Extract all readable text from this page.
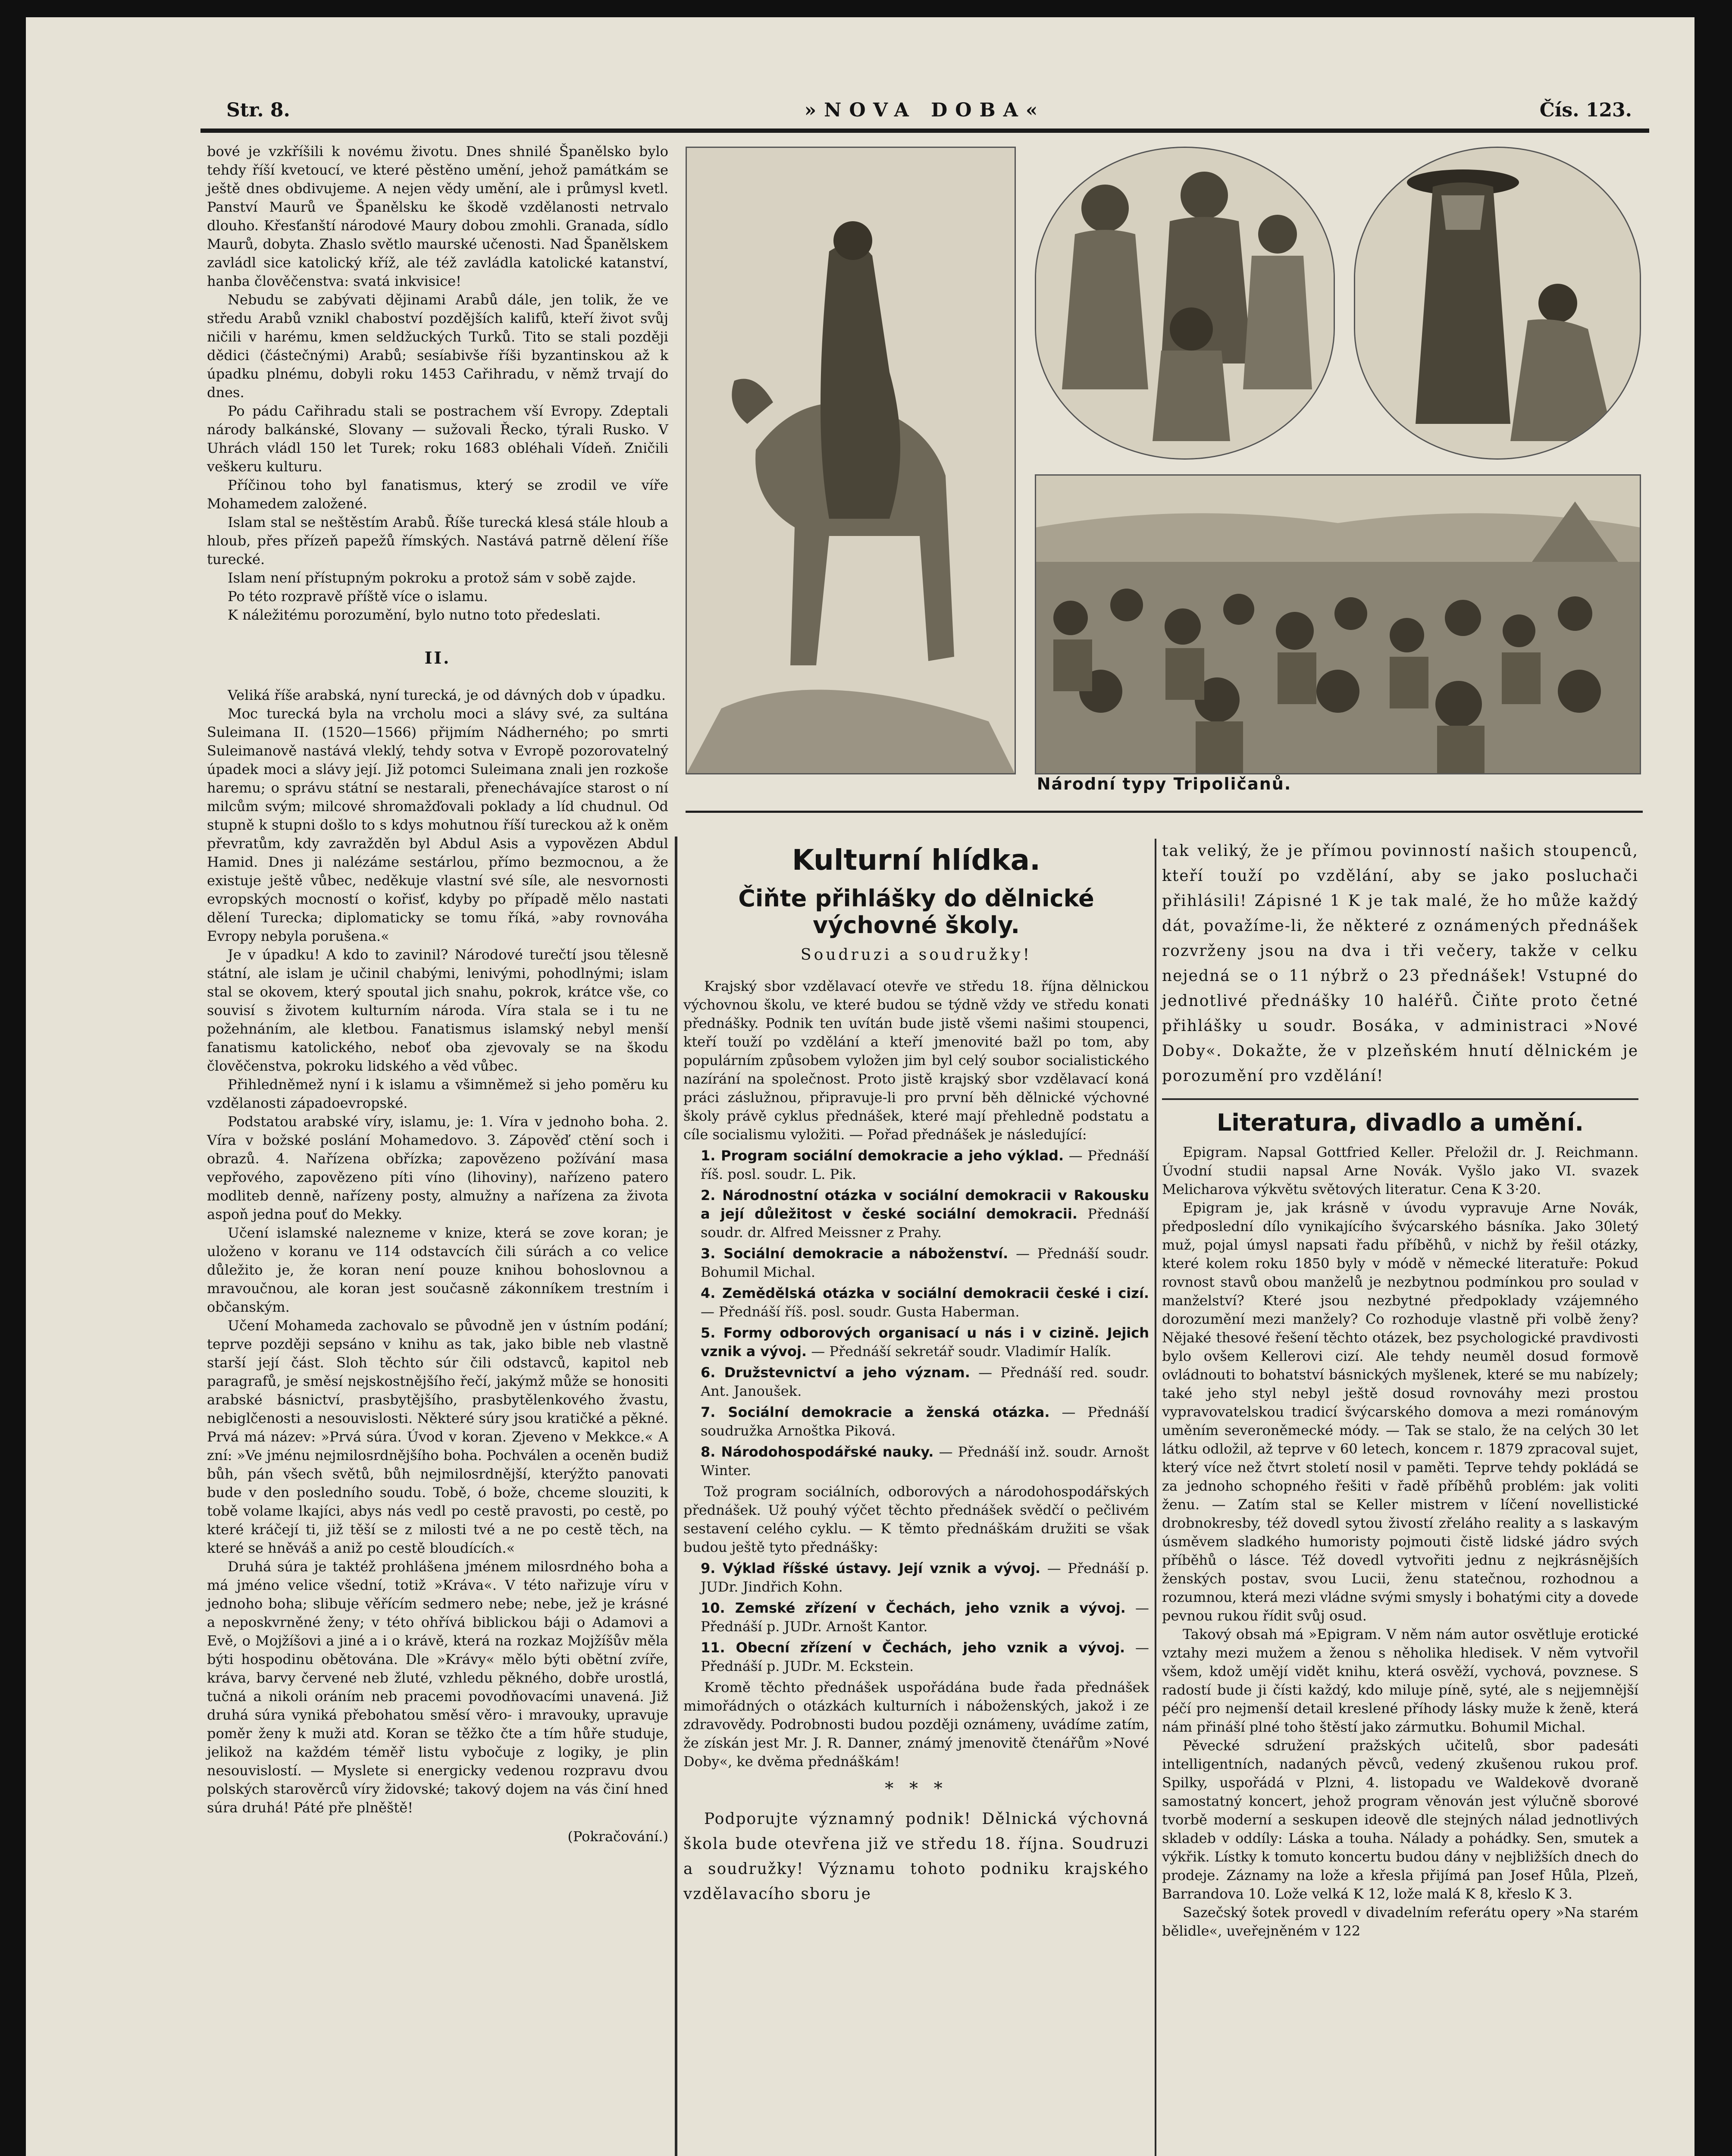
Str. 8.	»NOVA DOBA«	Čís. 123.

bové je vzkříšili k novému životu. Dnes shnilé Španělsko bylo tehdy říší kvetoucí, ve které pěstěno umění, jehož památkám se ještě dnes obdivujeme. A nejen vědy umění, ale i průmysl kvetl. Panství Maurů ve Španělsku ke škodě vzdělanosti netrvalo dlouho. Křesťanští národové Maury dobou zmohli. Granada, sídlo Maurů, dobyta. Zhaslo světlo maurské učenosti. Nad Španělskem zavládl sice katolický kříž, ale též zavládla katolické katanství, hanba člověčenstva: svatá inkvisice!

Nebudu se zabývati dějinami Arabů dále, jen tolik, že ve středu Arabů vznikl chaboství pozdějších kalifů, kteří život svůj ničili v harému, kmen seldžuckých Turků. Tito se stali později dědici (částečnými) Arabů; sesíabivše říši byzantinskou až k úpadku plnému, dobyli roku 1453 Cařihradu, v němž trvají do dnes.

Po pádu Cařihradu stali se postrachem vší Evropy. Zdeptali národy balkánské, Slovany — sužovali Řecko, týrali Rusko. V Uhrách vládl 150 let Turek; roku 1683 obléhali Vídeň. Zničili veškeru kulturu.

Příčinou toho byl fanatismus, který se zrodil ve víře Mohamedem založené.

Islam stal se neštěstím Arabů. Říše turecká klesá stále hloub a hloub, přes přízeň papežů římských. Nastává patrně dělení říše turecké.

Islam není přístupným pokroku a protož sám v sobě zajde.

Po této rozpravě příště více o islamu.

K náležitému porozumění, bylo nutno toto předeslati.

II.

Veliká říše arabská, nyní turecká, je od dávných dob v úpadku.

Moc turecká byla na vrcholu moci a slávy své, za sultána Suleimana II. (1520—1566) přijmím Nádherného; po smrti Suleimanově nastává vleklý, tehdy sotva v Evropě pozorovatelný úpadek moci a slávy její. Již potomci Suleimana znali jen rozkoše haremu; o správu státní se nestarali, přenechávajíce starost o ní milcům svým; milcové shromažďovali poklady a líd chudnul. Od stupně k stupni došlo to s kdys mohutnou říší tureckou až k oněm převratům, kdy zavražděn byl Abdul Asis a vypovězen Abdul Hamid. Dnes ji nalézáme sestárlou, přímo bezmocnou, a že existuje ještě vůbec, neděkuje vlastní své síle, ale nesvornosti evropských mocností o kořisť, kdyby po případě mělo nastati dělení Turecka; diplomaticky se tomu říká, »aby rovnováha Evropy nebyla porušena.«

Je v úpadku! A kdo to zavinil? Národové turečtí jsou tělesně státní, ale islam je učinil chabými, lenivými, pohodlnými; islam stal se okovem, který spoutal jich snahu, pokrok, krátce vše, co souvisí s životem kulturním národa. Víra stala se i tu ne požehnáním, ale kletbou. Fanatismus islamský nebyl menší fanatismu katolického, neboť oba zjevovaly se na škodu člověčenstva, pokroku lidského a věd vůbec.

Přihledněmež nyní i k islamu a všimněmež si jeho poměru ku vzdělanosti západoevropské.

Podstatou arabské víry, islamu, je: 1. Víra v jednoho boha. 2. Víra v božské poslání Mohamedovo. 3. Zápověď ctění soch i obrazů. 4. Nařízena obřízka; zapovězeno požívání masa vepřového, zapovězeno píti víno (lihoviny), nařízeno patero modliteb denně, nařízeny posty, almužny a nařízena za života aspoň jedna pouť do Mekky.

Učení islamské nalezneme v knize, která se zove koran; je uloženo v koranu ve 114 odstavcích čili súrách a co velice důležito je, že koran není pouze knihou bohoslovnou a mravoučnou, ale koran jest současně zákonníkem trestním i občanským.

Učení Mohameda zachovalo se původně jen v ústním podání; teprve později sepsáno v knihu as tak, jako bible neb vlastně starší její část. Sloh těchto súr čili odstavců, kapitol neb paragrafů, je směsí nejskostnějšího řečí, jakýmž může se honositi arabské básnictví, prasbytějšího, prasbytělenkového žvastu, nebiglčenosti a nesouvislosti. Některé súry jsou kratičké a pěkné. Prvá má název: »Prvá súra. Úvod v koran. Zjeveno v Mekkce.« A zní: »Ve jménu nejmilosrdnějšího boha. Pochválen a oceněn budiž bůh, pán všech světů, bůh nejmilosrdnější, kterýžto panovati bude v den posledního soudu. Tobě, ó bože, chceme slouziti, k tobě volame lkajíci, abys nás vedl po cestě pravosti, po cestě, po které kráčejí ti, již těší se z milosti tvé a ne po cestě těch, na které se hněváš a aniž po cestě bloudících.«

Druhá súra je taktéž prohlášena jménem milosrdného boha a má jméno velice všední, totiž »Kráva«. V této nařizuje víru v jednoho boha; slibuje věřícím sedmero nebe; nebe, jež je krásné a neposkvrněné ženy; v této ohřívá biblickou báji o Adamovi a Evě, o Mojžíšovi a jiné a i o krávě, která na rozkaz Mojžíšův měla býti hospodinu obětována. Dle »Krávy« mělo býti obětní zvíře, kráva, barvy červené neb žluté, vzhledu pěkného, dobře urostlá, tučná a nikoli oráním neb pracemi povodňovacími unavená. Již druhá súra vyniká přebohatou směsí věro- i mravouky, upravuje poměr ženy k muži atd. Koran se těžko čte a tím hůře studuje, jelikož na každém téměř listu vybočuje z logiky, je plin nesouvislostí. — Myslete si energicky vedenou rozpravu dvou polských starověrců víry židovské; takový dojem na vás činí hned súra druhá! Páté pře plněště!

(Pokračování.)
Národní typy Tripoličanů.
Kulturní hlídka.
Čiňte přihlášky do dělnické výchovné školy.
Soudruzi a soudružky!

Krajský sbor vzdělavací otevře ve středu 18. října dělnickou výchovnou školu, ve které budou se týdně vždy ve středu konati přednášky. Podnik ten uvítán bude jistě všemi našimi stoupenci, kteří touží po vzdělání a kteří jmenovité bažl po tom, aby populárním způsobem vyložen jim byl celý soubor socialistického nazírání na společnost. Proto jistě krajský sbor vzdělavací koná práci záslužnou, připravuje-li pro první běh dělnické výchovné školy právě cyklus přednášek, které mají přehledně podstatu a cíle socialismu vyložiti. — Pořad přednášek je následující:

1. Program sociální demokracie a jeho výklad. — Přednáší říš. posl. soudr. L. Pik.
2. Národnostní otázka v sociální demokracii v Rakousku a její důležitost v české sociální demokracii. Přednáší soudr. dr. Alfred Meissner z Prahy.
3. Sociální demokracie a náboženství. — Přednáší soudr. Bohumil Michal.
4. Zemědělská otázka v sociální demokracii české i cizí. — Přednáší říš. posl. soudr. Gusta Haberman.
5. Formy odborových organisací u nás i v cizině. Jejich vznik a vývoj. — Přednáší sekretář soudr. Vladimír Halík.
6. Družstevnictví a jeho význam. — Přednáší red. soudr. Ant. Janoušek.
7. Sociální demokracie a ženská otázka. — Přednáší soudružka Arnoštka Piková.
8. Národohospodářské nauky. — Přednáší inž. soudr. Arnošt Winter.

Tož program sociálních, odborových a národohospodářských přednášek. Už pouhý výčet těchto přednášek svědčí o pečlivém sestavení celého cyklu. — K těmto přednáškám družiti se však budou ještě tyto přednášky:

9. Výklad říšské ústavy. Její vznik a vývoj. — Přednáší p. JUDr. Jindřich Kohn.
10. Zemské zřízení v Čechách, jeho vznik a vývoj. — Přednáší p. JUDr. Arnošt Kantor.
11. Obecní zřízení v Čechách, jeho vznik a vývoj. — Přednáší p. JUDr. M. Eckstein.

Kromě těchto přednášek uspořádána bude řada přednášek mimořádných o otázkách kulturních i náboženských, jakož i ze zdravovědy. Podrobnosti budou později oznámeny, uvádíme zatím, že získán jest Mr. J. R. Danner, známý jmenovitě čtenářům »Nové Doby«, ke dvěma přednáškám!

* * *

Podporujte významný podnik! Dělnická výchovná škola bude otevřena již ve středu 18. října. Soudruzi a soudružky! Významu tohoto podniku krajského vzdělavacího sboru je

tak veliký, že je přímou povinností našich stoupenců, kteří touží po vzdělání, aby se jako posluchači přihlásili! Zápisné 1 K je tak malé, že ho může každý dát, považíme-li, že některé z oznámených přednášek rozvrženy jsou na dva i tři večery, takže v celku nejedná se o 11 nýbrž o 23 přednášek! Vstupné do jednotlivé přednášky 10 haléřů. Čiňte proto četné přihlášky u soudr. Bosáka, v administraci »Nové Doby«. Dokažte, že v plzeňském hnutí dělnickém je porozumění pro vzdělání!

Literatura, divadlo a umění.

Epigram. Napsal Gottfried Keller. Přeložil dr. J. Reichmann. Úvodní studii napsal Arne Novák. Vyšlo jako VI. svazek Melicharova výkvětu světových literatur. Cena K 3·20.

Epigram je, jak krásně v úvodu vypravuje Arne Novák, předposlední dílo vynikajícího švýcarského básníka. Jako 30letý muž, pojal úmysl napsati řadu příběhů, v nichž by řešil otázky, které kolem roku 1850 byly v módě v německé literatuře: Pokud rovnost stavů obou manželů je nezbytnou podmínkou pro soulad v manželství? Které jsou nezbytné předpoklady vzájemného dorozumění mezi manžely? Co rozhoduje vlastně při volbě ženy? Nějaké thesové řešení těchto otázek, bez psychologické pravdivosti bylo ovšem Kellerovi cizí. Ale tehdy neuměl dosud formově ovládnouti to bohatství básnických myšlenek, které se mu nabízely; také jeho styl nebyl ještě dosud rovnováhy mezi prostou vypravovatelskou tradicí švýcarského domova a mezi románovým uměním severoněmecké módy. — Tak se stalo, že na celých 30 let látku odložil, až teprve v 60 letech, koncem r. 1879 zpracoval sujet, který více než čtvrt století nosil v paměti. Teprve tehdy pokládá se za jednoho schopného řešiti v řadě příběhů problém: jak voliti ženu. — Zatím stal se Keller mistrem v líčení novellistické drobnokresby, též dovedl sytou živostí zřeláho reality a s laskavým úsměvem sladkého humoristy pojmouti čistě lidské jádro svých příběhů o lásce. Též dovedl vytvořiti jednu z nejkrásnějších ženských postav, svou Lucii, ženu statečnou, rozhodnou a rozumnou, která mezi vládne svými smysly i bohatými city a dovede pevnou rukou řídit svůj osud.

Takový obsah má »Epigram. V něm nám autor osvětluje erotické vztahy mezi mužem a ženou s něholika hledisek. V něm vytvořil všem, kdož umějí vidět knihu, která osvěží, vychová, povznese. S radostí bude ji čísti každý, kdo miluje píně, syté, ale s nejjemnější péčí pro nejmenší detail kreslené příhody lásky muže k ženě, která nám přináší plné toho štěstí jako zármutku. Bohumil Michal.

Pěvecké sdružení pražských učitelů, sbor padesáti intelligentních, nadaných pěvců, vedený zkušenou rukou prof. Spilky, uspořádá v Plzni, 4. listopadu ve Waldekově dvoraně samostatný koncert, jehož program věnován jest výlučně sborové tvorbě moderní a seskupen ideově dle stejných nálad jednotlivých skladeb v oddíly: Láska a touha. Nálady a pohádky. Sen, smutek a výkřik. Lístky k tomuto koncertu budou dány v nejbližších dnech do prodeje. Záznamy na lože a křesla přijímá pan Josef Hůla, Plzeň, Barrandova 10. Lože velká K 12, lože malá K 8, křeslo K 3.

Sazečský šotek provedl v divadelním referátu opery »Na starém bělidle«, uveřejněném v 122
